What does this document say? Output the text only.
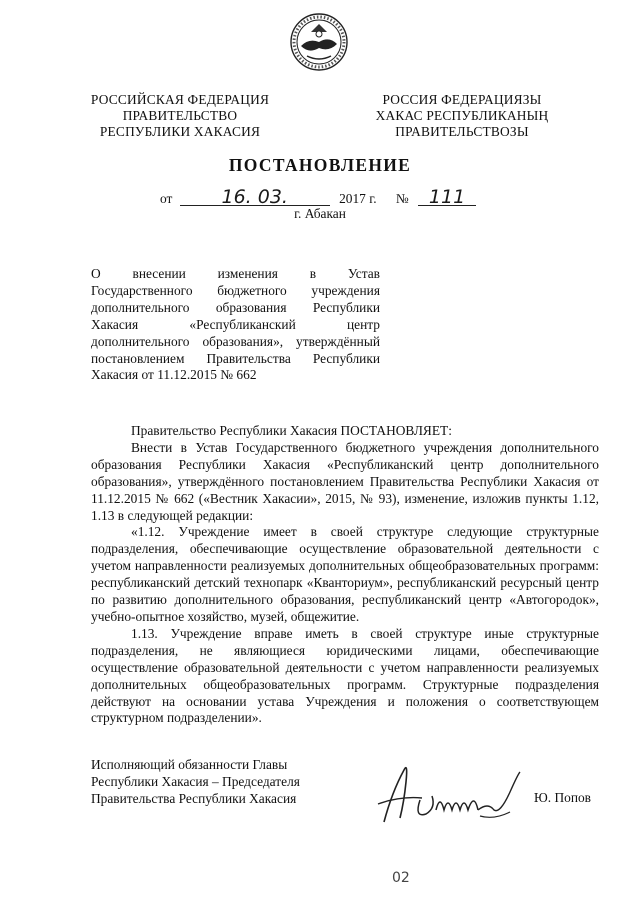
РОССИЙСКАЯ ФЕДЕРАЦИЯ
ПРАВИТЕЛЬСТВО
РЕСПУБЛИКИ ХАКАСИЯ
РОССИЯ ФЕДЕРАЦИЯЗЫ
ХАКАС РЕСПУБЛИКАНЫҢ
ПРАВИТЕЛЬСТВОЗЫ
ПОСТАНОВЛЕНИЕ
от	16. 03.	2017 г. № 111
г. Абакан
О внесении изменения в Устав
Государственного бюджетного учреждения
дополнительного образования Республики
Хакасия «Республиканский центр
дополнительного образования», утверждённый
постановлением Правительства Республики
Хакасия от 11.12.2015 № 662

Правительство Республики Хакасия ПОСТАНОВЛЯЕТ:

Внести в Устав Государственного бюджетного учреждения дополнительного образования Республики Хакасия «Республиканский центр дополнительного образования», утверждённого постановлением Правительства Республики Хакасия от 11.12.2015 № 662 («Вестник Хакасии», 2015, № 93), изменение, изложив пункты 1.12, 1.13 в следующей редакции:

«1.12. Учреждение имеет в своей структуре следующие структурные подразделения, обеспечивающие осуществление образовательной деятельности с учетом направленности реализуемых дополнительных общеобразовательных программ: республиканский детский технопарк «Кванториум», республиканский ресурсный центр по развитию дополнительного образования, республиканский центр «Автогородок», учебно-опытное хозяйство, музей, общежитие.

1.13. Учреждение вправе иметь в своей структуре иные структурные подразделения, не являющиеся юридическими лицами, обеспечивающие осуществление образовательной деятельности с учетом направленности реализуемых дополнительных общеобразовательных программ. Структурные подразделения действуют на основании устава Учреждения и положения о соответствующем структурном подразделении».

Исполняющий обязанности Главы
Республики Хакасия – Председателя
Правительства Республики Хакасия	Ю. Попов
02
